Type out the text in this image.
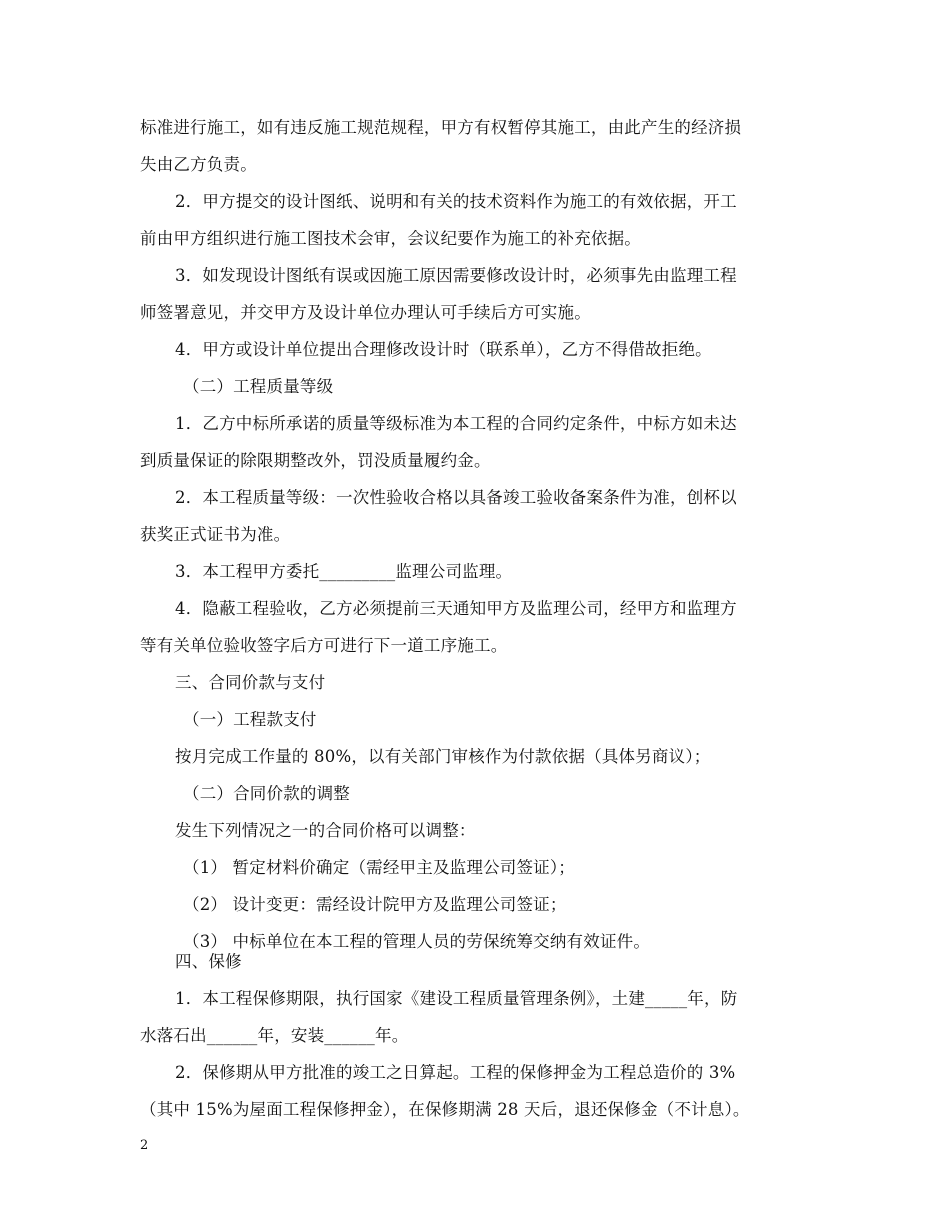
标准进行施工，如有违反施工规范规程，甲方有权暂停其施工，由此产生的经济损
失由乙方负责。
2．甲方提交的设计图纸、说明和有关的技术资料作为施工的有效依据，开工
前由甲方组织进行施工图技术会审，会议纪要作为施工的补充依据。
3．如发现设计图纸有误或因施工原因需要修改设计时，必须事先由监理工程
师签署意见，并交甲方及设计单位办理认可手续后方可实施。
4．甲方或设计单位提出合理修改设计时（联系单），乙方不得借故拒绝。
（二）工程质量等级
1．乙方中标所承诺的质量等级标准为本工程的合同约定条件，中标方如未达
到质量保证的除限期整改外，罚没质量履约金。
2．本工程质量等级：一次性验收合格以具备竣工验收备案条件为准，创杯以
获奖正式证书为准。
3．本工程甲方委托_________监理公司监理。
4．隐蔽工程验收，乙方必须提前三天通知甲方及监理公司，经甲方和监理方
等有关单位验收签字后方可进行下一道工序施工。
三、合同价款与支付
（一）工程款支付
按月完成工作量的 80%，以有关部门审核作为付款依据（具体另商议）；
（二）合同价款的调整
发生下列情况之一的合同价格可以调整：
（1） 暂定材料价确定（需经甲主及监理公司签证）；
（2） 设计变更：需经设计院甲方及监理公司签证；
（3） 中标单位在本工程的管理人员的劳保统筹交纳有效证件。
四、保修
1．本工程保修期限，执行国家《建设工程质量管理条例》，土建_____年，防
水落石出______年，安装______年。
2．保修期从甲方批准的竣工之日算起。工程的保修押金为工程总造价的 3%
（其中 15%为屋面工程保修押金），在保修期满 28 天后，退还保修金（不计息）。
2
